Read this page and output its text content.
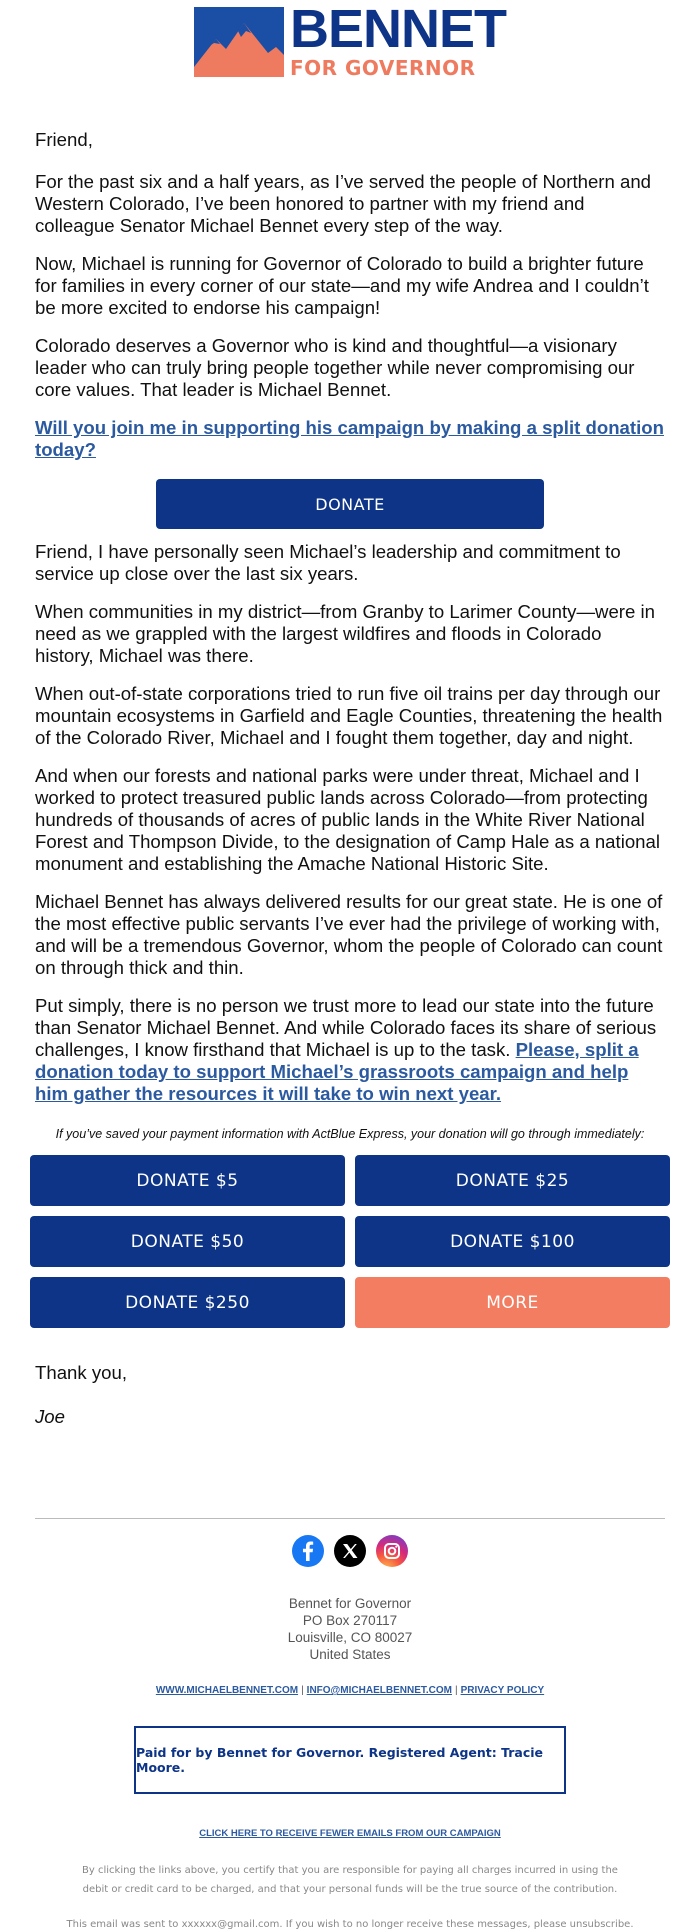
BENNET
FOR GOVERNOR

Friend,

For the past six and a half years, as I’ve served the people of Northern and Western Colorado, I’ve been honored to partner with my friend and colleague Senator Michael Bennet every step of the way.

Now, Michael is running for Governor of Colorado to build a brighter future for families in every corner of our state—and my wife Andrea and I couldn’t be more excited to endorse his campaign!

Colorado deserves a Governor who is kind and thoughtful—a visionary leader who can truly bring people together while never compromising our core values. That leader is Michael Bennet.

Will you join me in supporting his campaign by making a split donation today?

DONATE

Friend, I have personally seen Michael’s leadership and commitment to service up close over the last six years.

When communities in my district—from Granby to Larimer County—were in need as we grappled with the largest wildfires and floods in Colorado history, Michael was there.

When out-of-state corporations tried to run five oil trains per day through our mountain ecosystems in Garfield and Eagle Counties, threatening the health of the Colorado River, Michael and I fought them together, day and night.

And when our forests and national parks were under threat, Michael and I worked to protect treasured public lands across Colorado—from protecting hundreds of thousands of acres of public lands in the White River National Forest and Thompson Divide, to the designation of Camp Hale as a national monument and establishing the Amache National Historic Site.

Michael Bennet has always delivered results for our great state. He is one of the most effective public servants I’ve ever had the privilege of working with, and will be a tremendous Governor, whom the people of Colorado can count on through thick and thin.

Put simply, there is no person we trust more to lead our state into the future than Senator Michael Bennet. And while Colorado faces its share of serious challenges, I know firsthand that Michael is up to the task. Please, split a donation today to support Michael’s grassroots campaign and help him gather the resources it will take to win next year.

If you’ve saved your payment information with ActBlue Express, your donation will go through immediately:
DONATE $5	DONATE $25
DONATE $50	DONATE $100
DONATE $250	MORE

Thank you,

Joe

Bennet for Governor
PO Box 270117
Louisville, CO 80027
United States
WWW.MICHAELBENNET.COM | INFO@MICHAELBENNET.COM | PRIVACY POLICY
Paid for by Bennet for Governor. Registered Agent: Tracie Moore.
CLICK HERE TO RECEIVE FEWER EMAILS FROM OUR CAMPAIGN
By clicking the links above, you certify that you are responsible for paying all charges incurred in using the debit or credit card to be charged, and that your personal funds will be the true source of the contribution.
This email was sent to xxxxxx@gmail.com. If you wish to no longer receive these messages, please unsubscribe.
